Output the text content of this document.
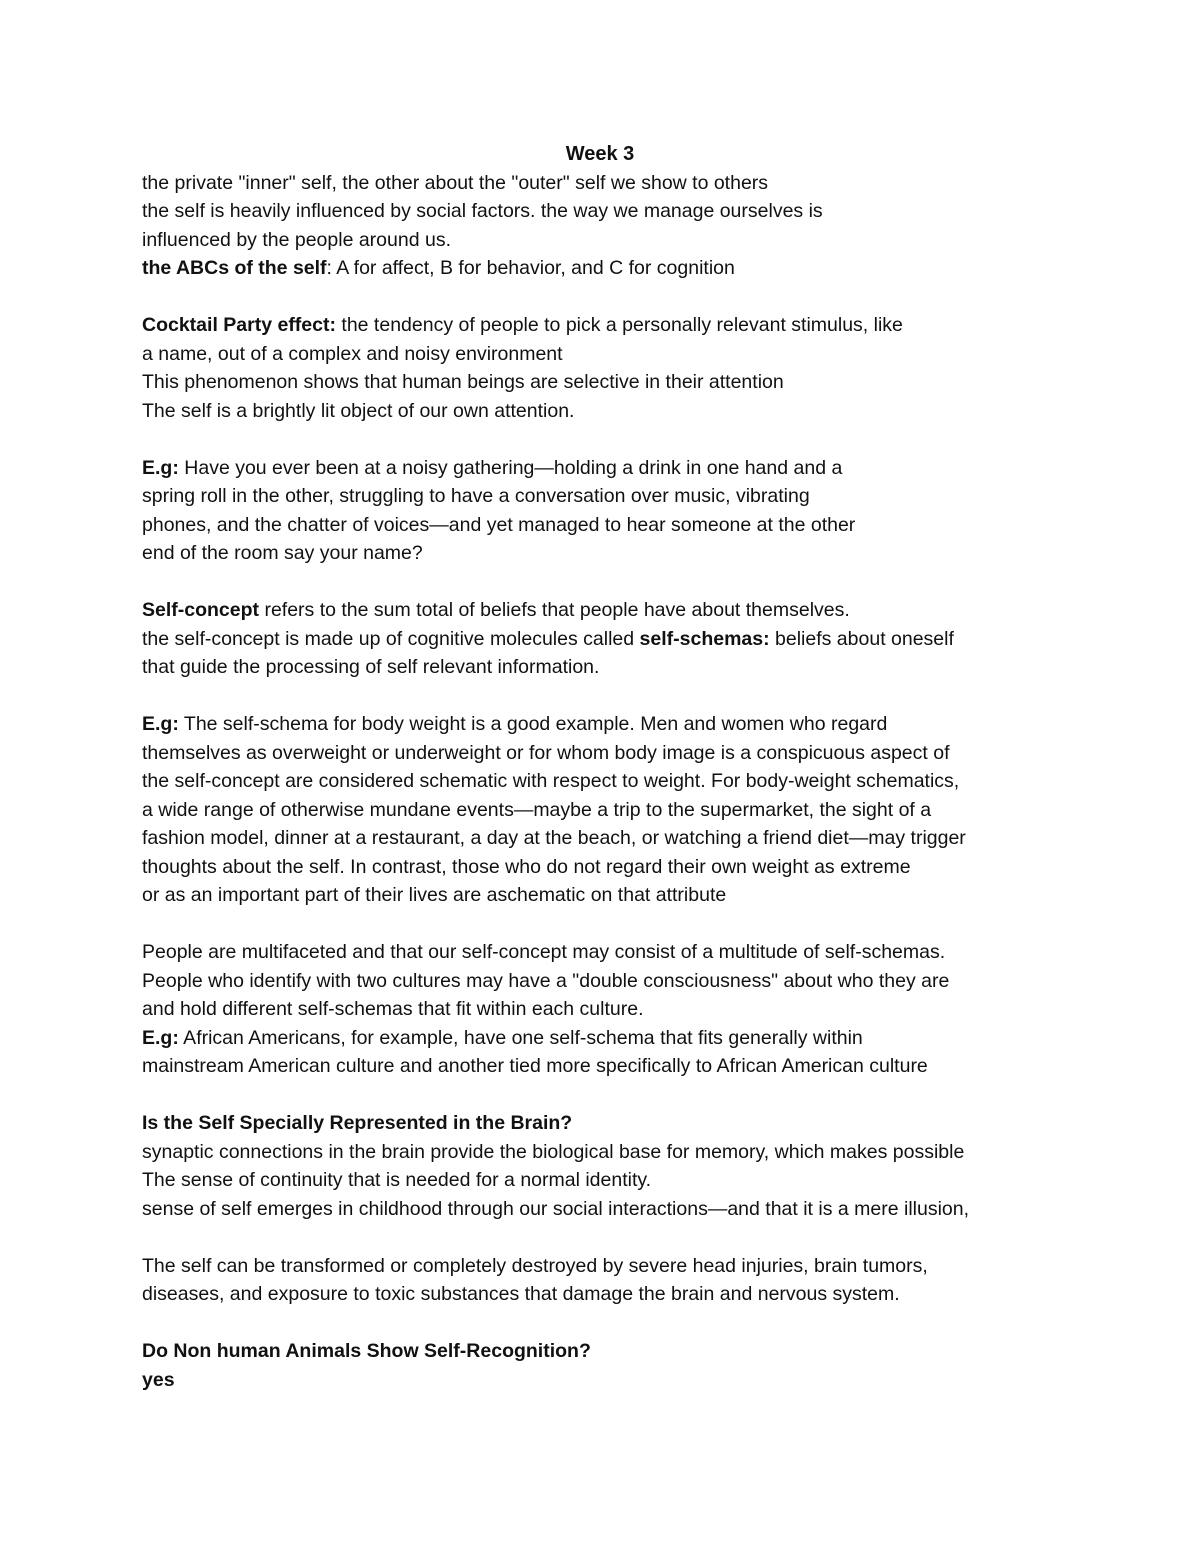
Week 3
the private "inner" self, the other about the "outer" self we show to others
the self is heavily influenced by social factors. the way we manage ourselves is
influenced by the people around us.
the ABCs of the self: A for affect, B for behavior, and C for cognition
Cocktail Party effect: the tendency of people to pick a personally relevant stimulus, like
a name, out of a complex and noisy environment
This phenomenon shows that human beings are selective in their attention
The self is a brightly lit object of our own attention.
E.g: Have you ever been at a noisy gathering—holding a drink in one hand and a
spring roll in the other, struggling to have a conversation over music, vibrating
phones, and the chatter of voices—and yet managed to hear someone at the other
end of the room say your name?
Self-concept refers to the sum total of beliefs that people have about themselves.
the self-concept is made up of cognitive molecules called self-schemas: beliefs about oneself
that guide the processing of self relevant information.
E.g: The self-schema for body weight is a good example. Men and women who regard
themselves as overweight or underweight or for whom body image is a conspicuous aspect of
the self-concept are considered schematic with respect to weight. For body-weight schematics,
a wide range of otherwise mundane events—maybe a trip to the supermarket, the sight of a
fashion model, dinner at a restaurant, a day at the beach, or watching a friend diet—may trigger
thoughts about the self. In contrast, those who do not regard their own weight as extreme
or as an important part of their lives are aschematic on that attribute
People are multifaceted and that our self-concept may consist of a multitude of self-schemas.
People who identify with two cultures may have a "double consciousness" about who they are
and hold different self-schemas that fit within each culture.
E.g: African Americans, for example, have one self-schema that fits generally within
mainstream American culture and another tied more specifically to African American culture
Is the Self Specially Represented in the Brain?
synaptic connections in the brain provide the biological base for memory, which makes possible
The sense of continuity that is needed for a normal identity.
sense of self emerges in childhood through our social interactions—and that it is a mere illusion,
The self can be transformed or completely destroyed by severe head injuries, brain tumors,
diseases, and exposure to toxic substances that damage the brain and nervous system.
Do Non human Animals Show Self-Recognition?
yes
